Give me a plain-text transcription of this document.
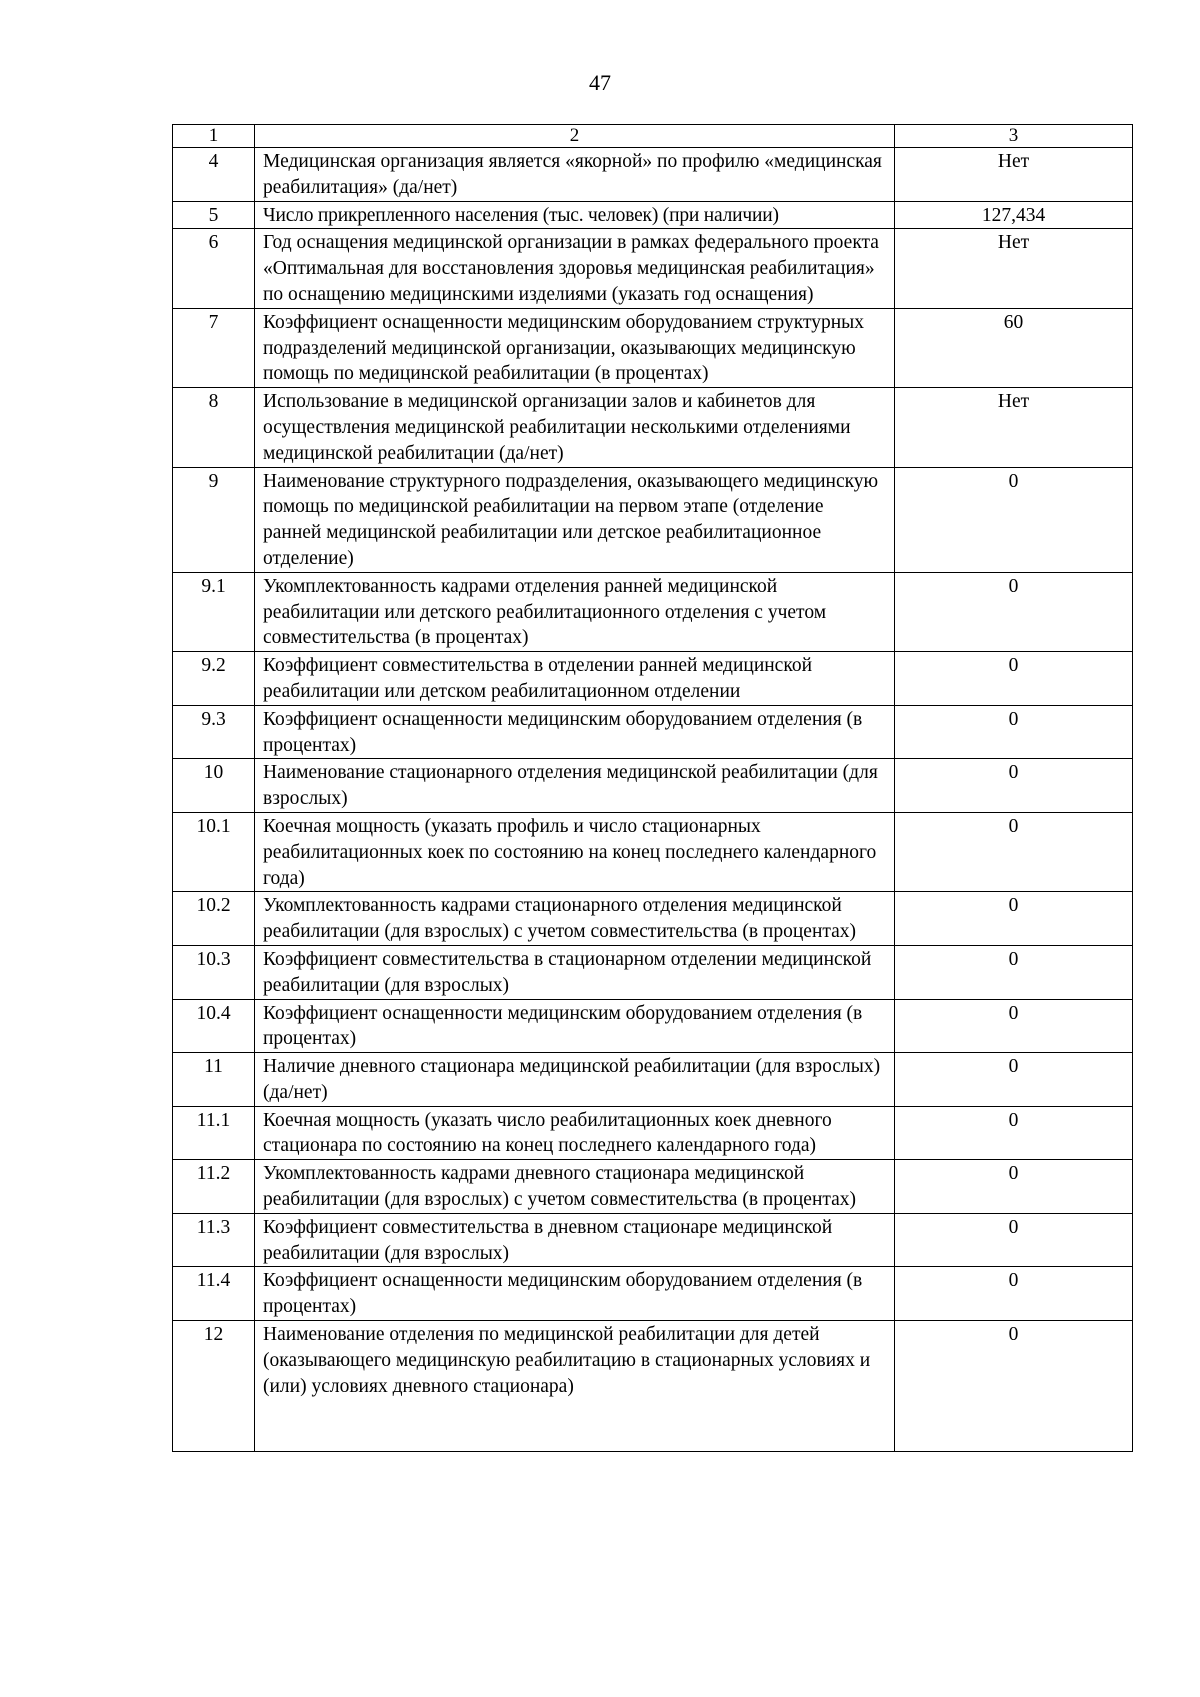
47
1	2	3
4	Медицинская организация является «якорной» по профилю «медицинская реабилитация» (да/нет)	Нет
5	Число прикрепленного населения (тыс. человек) (при наличии)	127,434
6	Год оснащения медицинской организации в рамках федерального проекта «Оптимальная для восстановления здоровья медицинская реабилитация» по оснащению медицинскими изделиями (указать год оснащения)	Нет
7	Коэффициент оснащенности медицинским оборудованием структурных подразделений медицинской организации, оказывающих медицинскую помощь по медицинской реабилитации (в процентах)	60
8	Использование в медицинской организации залов и кабинетов для осуществления медицинской реабилитации несколькими отделениями медицинской реабилитации (да/нет)	Нет
9	Наименование структурного подразделения, оказывающего медицинскую помощь по медицинской реабилитации на первом этапе (отделение ранней медицинской реабилитации или детское реабилитационное отделение)	0
9.1	Укомплектованность кадрами отделения ранней медицинской реабилитации или детского реабилитационного отделения с учетом совместительства (в процентах)	0
9.2	Коэффициент совместительства в отделении ранней медицинской реабилитации или детском реабилитационном отделении	0
9.3	Коэффициент оснащенности медицинским оборудованием отделения (в процентах)	0
10	Наименование стационарного отделения медицинской реабилитации (для взрослых)	0
10.1	Коечная мощность (указать профиль и число стационарных реабилитационных коек по состоянию на конец последнего календарного года)	0
10.2	Укомплектованность кадрами стационарного отделения медицинской реабилитации (для взрослых) с учетом совместительства (в процентах)	0
10.3	Коэффициент совместительства в стационарном отделении медицинской реабилитации (для взрослых)	0
10.4	Коэффициент оснащенности медицинским оборудованием отделения (в процентах)	0
11	Наличие дневного стационара медицинской реабилитации (для взрослых) (да/нет)	0
11.1	Коечная мощность (указать число реабилитационных коек дневного стационара по состоянию на конец последнего календарного года)	0
11.2	Укомплектованность кадрами дневного стационара медицинской реабилитации (для взрослых) с учетом совместительства (в процентах)	0
11.3	Коэффициент совместительства в дневном стационаре медицинской реабилитации (для взрослых)	0
11.4	Коэффициент оснащенности медицинским оборудованием отделения (в процентах)	0
12	Наименование отделения по медицинской реабилитации для детей (оказывающего медицинскую реабилитацию в стационарных условиях и (или) условиях дневного стационара)	0
